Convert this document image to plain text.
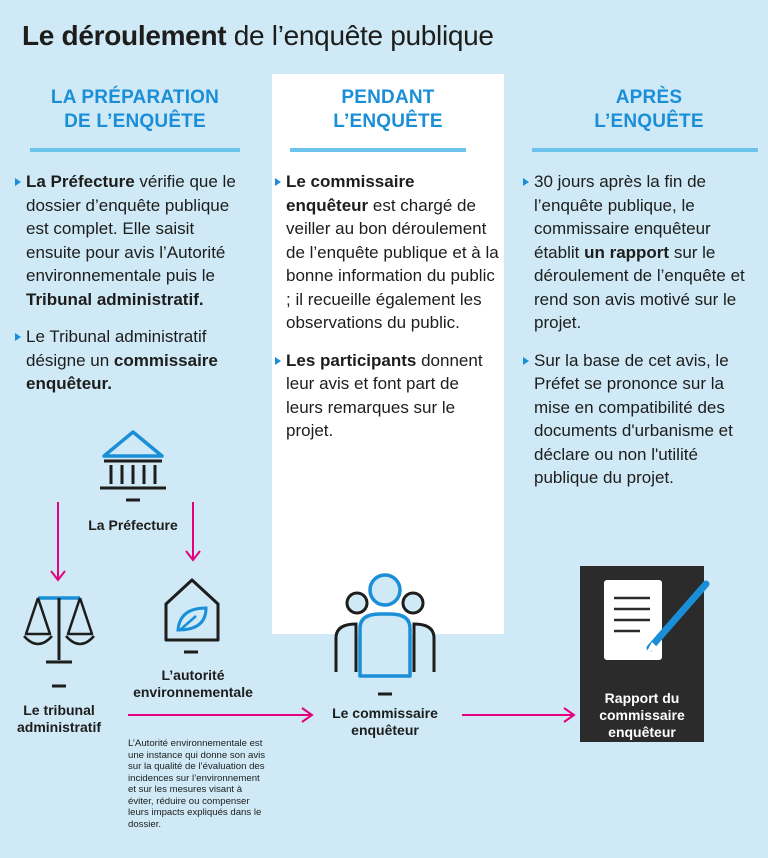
Le déroulement de l’enquête publique
LA PRÉPARATION
DE L’ENQUÊTE
PENDANT
L’ENQUÊTE
APRÈS
L’ENQUÊTE

La Préfecture vérifie que le dossier d’enquête publique est complet. Elle saisit ensuite pour avis l’Autorité environnementale puis le Tribunal administratif.

Le Tribunal administratif désigne un commissaire enquêteur.

Le commissaire enquêteur est chargé de veiller au bon déroulement de l’enquête publique et à la bonne information du public ; il recueille également les observations du public.

Les participants donnent leur avis et font part de leurs remarques sur le projet.

30 jours après la fin de l’enquête publique, le commissaire enquêteur établit un rapport sur le déroulement de l’enquête et rend son avis motivé sur le projet.

Sur la base de cet avis, le Préfet se prononce sur la mise en compatibilité des documents d'urbanisme et déclare ou non l'utilité publique du projet.

La Préfecture
L’autorité
environnementale
Le tribunal
administratif
Le commissaire
enquêteur
Rapport du
commissaire
enquêteur
L’Autorité environnementale est une instance qui donne son avis sur la qualité de l’évaluation des incidences sur l’environnement et sur les mesures visant à éviter, réduire ou compenser leurs impacts expliqués dans le dossier.
